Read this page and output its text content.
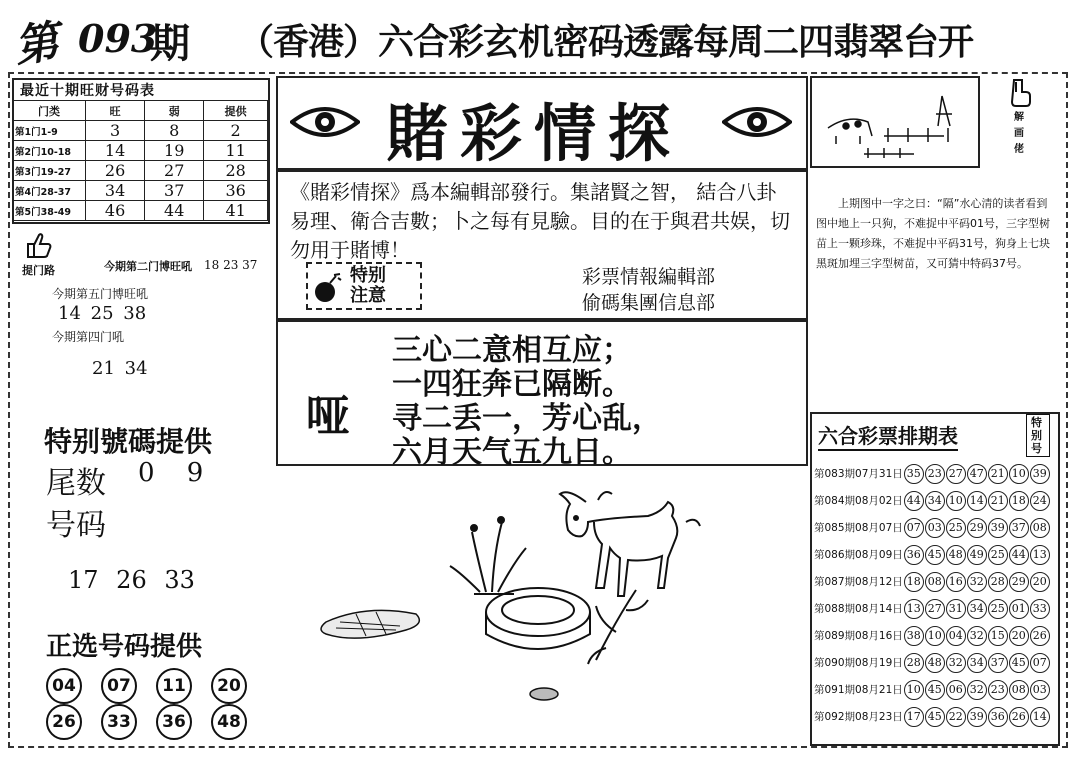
第 093
期 （香港）六合彩玄机密码透露每周二四翡翠台开
最近十期旺财号码表
门类	旺	弱	提供
第1门1-9	3	8	2
第2门10-18	14	19	11
第3门19-27	26	27	28
第4门28-37	34	37	36
第5门38-49	46	44	41
提门路	今期第二门博旺吼 18 23 37
今期第五门博旺吼
14 25 38
今期第四门吼
21 34
特别號碼提供
尾数 0 9
号码
17 26 33
正选号码提供
04 07 11 20
26 33 36 48
賭彩情探
《賭彩情探》爲本編輯部發行。集諸賢之智， 結合八卦易理、衛合吉數；卜之每有見驗。目的在于與君共娱，切勿用于賭博！
特别
注意
彩票情報編輯部
偷碼集團信息部
哑
三心二意相互应；
一四狂奔已隔断。
寻二丢一，芳心乱，
六月天气五九日。
解画佬
上期图中一字之曰：“隔”水心清的读者看到图中地上一只狗，不难捉中平码01号，三字型树苗上一颗珍珠，不难捉中平码31号，狗身上七块黑斑加埋三字型树苗，又可猜中特码37号。
六合彩票排期表
特别号
第083期07月31日	35 23 27 47 21 10 39
第084期08月02日	44 34 10 14 21 18 24
第085期08月07日	07 03 25 29 39 37 08
第086期08月09日	36 45 48 49 25 44 13
第087期08月12日	18 08 16 32 28 29 20
第088期08月14日	13 27 31 34 25 01 33
第089期08月16日	38 10 04 32 15 20 26
第090期08月19日	28 48 32 34 37 45 07
第091期08月21日	10 45 06 32 23 08 03
第092期08月23日	17 45 22 39 36 26 14
